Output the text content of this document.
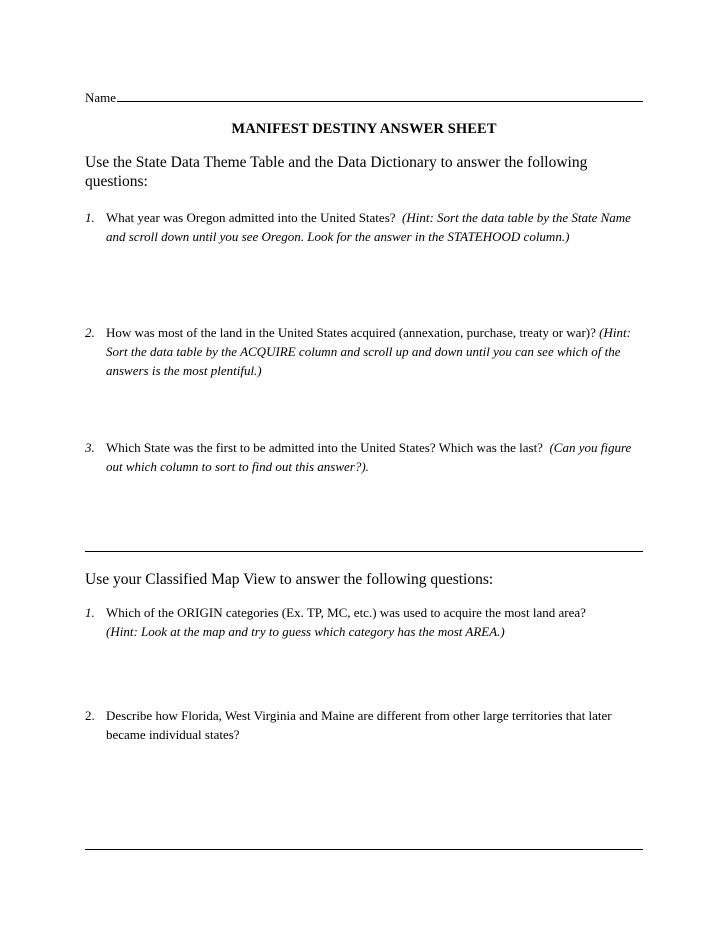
Name
MANIFEST DESTINY ANSWER SHEET
Use the State Data Theme Table and the Data Dictionary to answer the following questions:
1. What year was Oregon admitted into the United States? (Hint: Sort the data table by the State Name and scroll down until you see Oregon. Look for the answer in the STATEHOOD column.)
2. How was most of the land in the United States acquired (annexation, purchase, treaty or war)? (Hint: Sort the data table by the ACQUIRE column and scroll up and down until you can see which of the answers is the most plentiful.)
3. Which State was the first to be admitted into the United States? Which was the last? (Can you figure out which column to sort to find out this answer?).
Use your Classified Map View to answer the following questions:
1. Which of the ORIGIN categories (Ex. TP, MC, etc.) was used to acquire the most land area?
(Hint: Look at the map and try to guess which category has the most AREA.)
2. Describe how Florida, West Virginia and Maine are different from other large territories that later became individual states?
